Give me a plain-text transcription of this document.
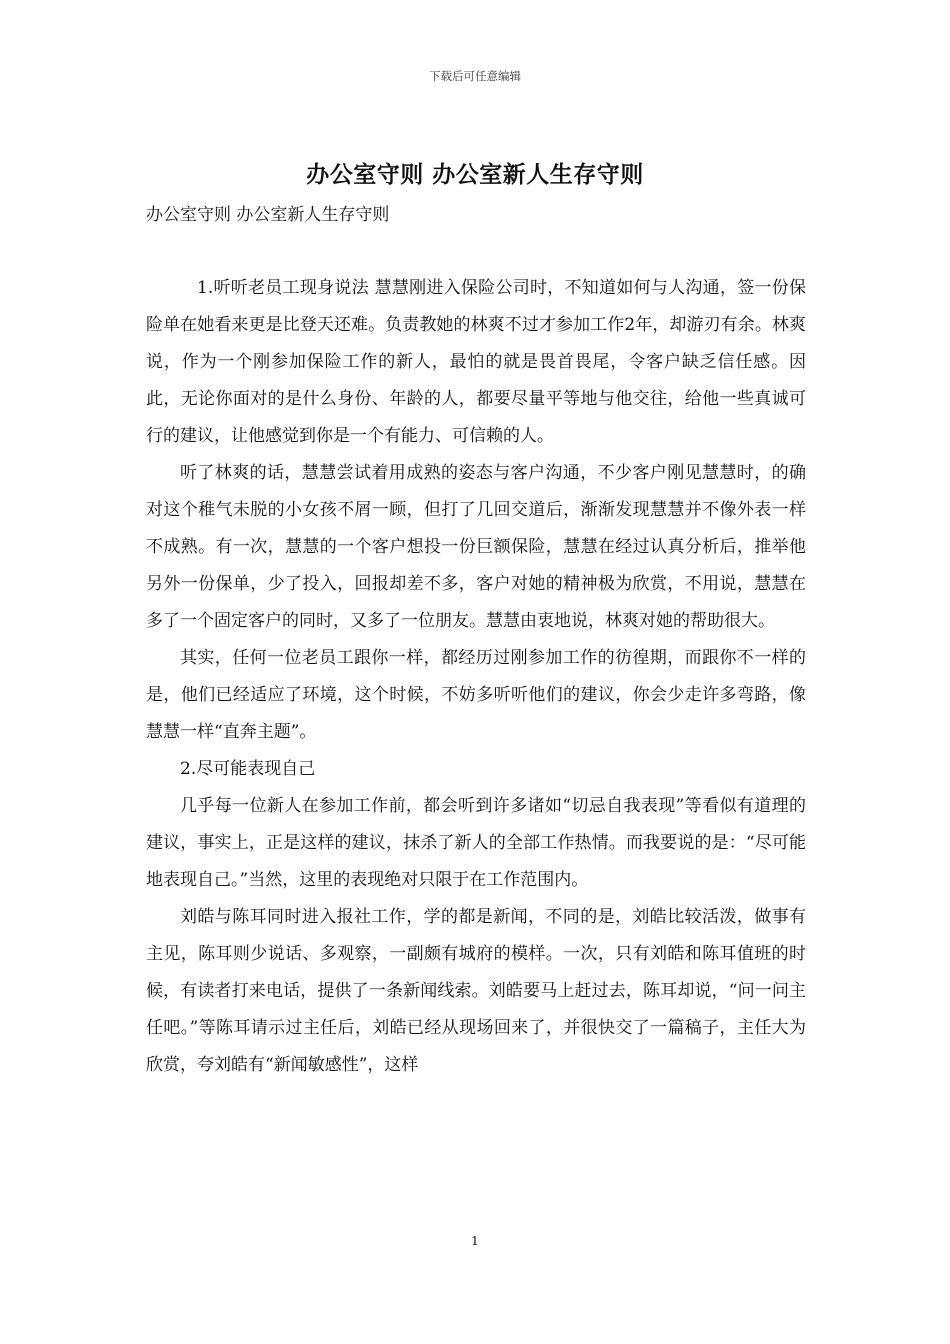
下载后可任意编辑
办公室守则 办公室新人生存守则
办公室守则 办公室新人生存守则

1.听听老员工现身说法 慧慧刚进入保险公司时，不知道如何与人沟通，签一份保险单在她看来更是比登天还难。负责教她的林爽不过才参加工作2年，却游刃有余。林爽说，作为一个刚参加保险工作的新人，最怕的就是畏首畏尾，令客户缺乏信任感。因此，无论你面对的是什么身份、年龄的人，都要尽量平等地与他交往，给他一些真诚可行的建议，让他感觉到你是一个有能力、可信赖的人。

听了林爽的话，慧慧尝试着用成熟的姿态与客户沟通，不少客户刚见慧慧时，的确对这个稚气未脱的小女孩不屑一顾，但打了几回交道后，渐渐发现慧慧并不像外表一样不成熟。有一次，慧慧的一个客户想投一份巨额保险，慧慧在经过认真分析后，推举他另外一份保单，少了投入，回报却差不多，客户对她的精神极为欣赏，不用说，慧慧在多了一个固定客户的同时，又多了一位朋友。慧慧由衷地说，林爽对她的帮助很大。

其实，任何一位老员工跟你一样，都经历过刚参加工作的彷徨期，而跟你不一样的是，他们已经适应了环境，这个时候，不妨多听听他们的建议，你会少走许多弯路，像慧慧一样“直奔主题”。

2.尽可能表现自己

几乎每一位新人在参加工作前，都会听到许多诸如“切忌自我表现”等看似有道理的建议，事实上，正是这样的建议，抹杀了新人的全部工作热情。而我要说的是：“尽可能地表现自己。”当然，这里的表现绝对只限于在工作范围内。

刘皓与陈耳同时进入报社工作，学的都是新闻，不同的是，刘皓比较活泼，做事有主见，陈耳则少说话、多观察，一副颇有城府的模样。一次，只有刘皓和陈耳值班的时候，有读者打来电话，提供了一条新闻线索。刘皓要马上赶过去，陈耳却说，“问一问主任吧。”等陈耳请示过主任后，刘皓已经从现场回来了，并很快交了一篇稿子，主任大为欣赏，夸刘皓有“新闻敏感性”，这样

1
